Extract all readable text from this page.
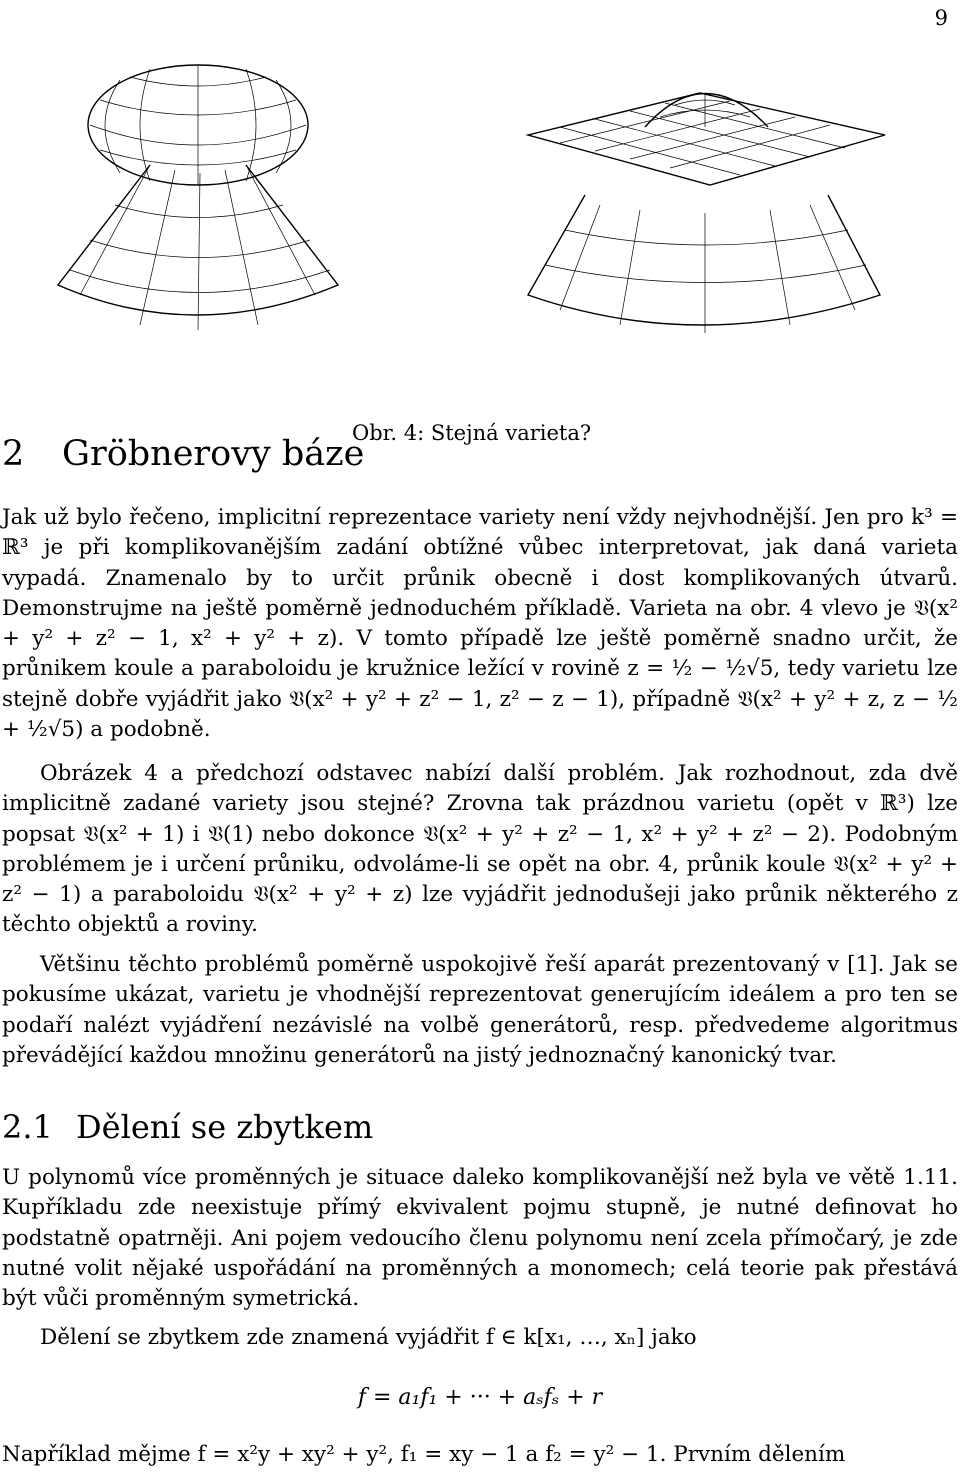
9
Obr. 4: Stejná varieta?
2 Gröbnerovy báze
Jak už bylo řečeno, implicitní reprezentace variety není vždy nejvhodnější. Jen pro k³ = ℝ³ je při komplikovanějším zadání obtížné vůbec interpretovat, jak daná varieta vypadá. Znamenalo by to určit průnik obecně i dost komplikovaných útvarů. Demonstrujme na ještě poměrně jednoduchém příkladě. Varieta na obr. 4 vlevo je 𝔙(x² + y² + z² − 1, x² + y² + z). V tomto případě lze ještě poměrně snadno určit, že průnikem koule a paraboloidu je kružnice ležící v rovině z = ½ − ½√5, tedy varietu lze stejně dobře vyjádřit jako 𝔙(x² + y² + z² − 1, z² − z − 1), případně 𝔙(x² + y² + z, z − ½ + ½√5) a podobně.
Obrázek 4 a předchozí odstavec nabízí další problém. Jak rozhodnout, zda dvě implicitně zadané variety jsou stejné? Zrovna tak prázdnou varietu (opět v ℝ³) lze popsat 𝔙(x² + 1) i 𝔙(1) nebo dokonce 𝔙(x² + y² + z² − 1, x² + y² + z² − 2). Podobným problémem je i určení průniku, odvoláme-li se opět na obr. 4, průnik koule 𝔙(x² + y² + z² − 1) a paraboloidu 𝔙(x² + y² + z) lze vyjádřit jednodušeji jako průnik některého z těchto objektů a roviny.
Většinu těchto problémů poměrně uspokojivě řeší aparát prezentovaný v [1]. Jak se pokusíme ukázat, varietu je vhodnější reprezentovat generujícím ideálem a pro ten se podaří nalézt vyjádření nezávislé na volbě generátorů, resp. předvedeme algoritmus převádějící každou množinu generátorů na jistý jednoznačný kanonický tvar.
2.1 Dělení se zbytkem
U polynomů více proměnných je situace daleko komplikovanější než byla ve větě 1.11. Kupříkladu zde neexistuje přímý ekvivalent pojmu stupně, je nutné definovat ho podstatně opatrněji. Ani pojem vedoucího členu polynomu není zcela přímočarý, je zde nutné volit nějaké uspořádání na proměnných a monomech; celá teorie pak přestává být vůči proměnným symetrická.
Dělení se zbytkem zde znamená vyjádřit f ∈ k[x₁, …, xₙ] jako
f = a₁f₁ + ··· + aₛfₛ + r
Například mějme f = x²y + xy² + y², f₁ = xy − 1 a f₂ = y² − 1. Prvním dělením
